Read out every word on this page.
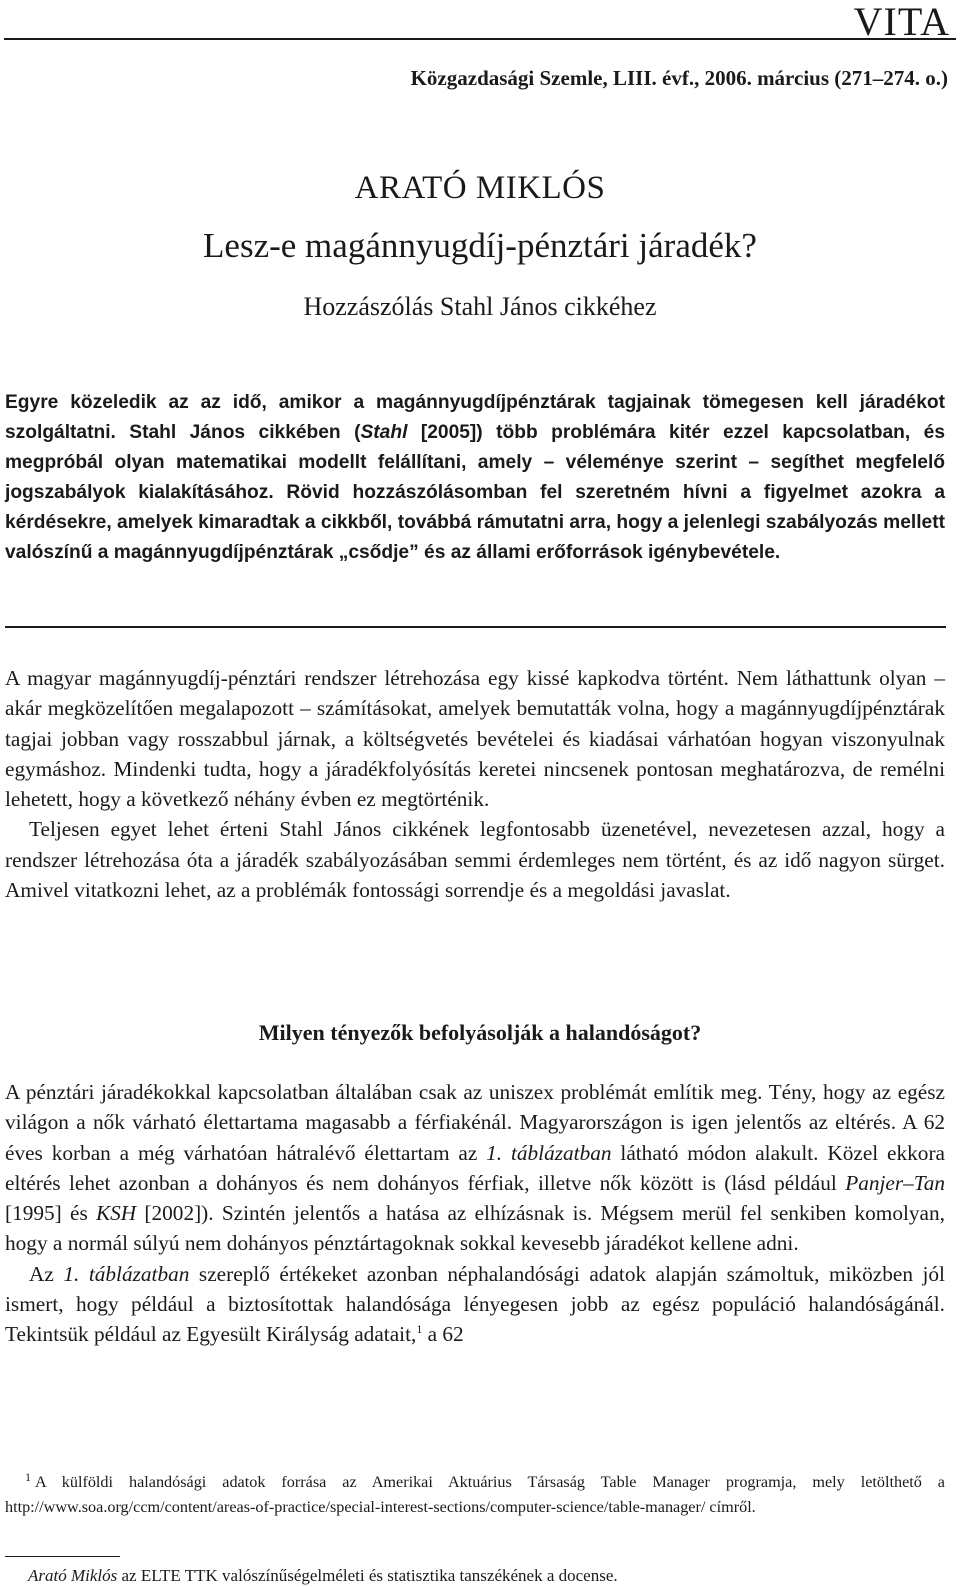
VITA
Közgazdasági Szemle, LIII. évf., 2006. március (271–274. o.)
ARATÓ MIKLÓS
Lesz-e magánnyugdíj-pénztári járadék?
Hozzászólás Stahl János cikkéhez
Egyre közeledik az az idő, amikor a magánnyugdíjpénztárak tagjainak tömegesen kell járadékot szolgáltatni. Stahl János cikkében (Stahl [2005]) több problémára kitér ezzel kapcsolatban, és megpróbál olyan matematikai modellt felállítani, amely – véleménye szerint – segíthet megfelelő jogszabályok kialakításához. Rövid hozzászólásomban fel szeretném hívni a figyelmet azokra a kérdésekre, amelyek kimaradtak a cikkből, továbbá rámutatni arra, hogy a jelenlegi szabályozás mellett valószínű a magánnyugdíjpénztárak „csődje” és az állami erőforrások igénybevétele.

A magyar magánnyugdíj-pénztári rendszer létrehozása egy kissé kapkodva történt. Nem láthattunk olyan – akár megközelítően megalapozott – számításokat, amelyek bemutatták volna, hogy a magánnyugdíjpénztárak tagjai jobban vagy rosszabbul járnak, a költségvetés bevételei és kiadásai várhatóan hogyan viszonyulnak egymáshoz. Mindenki tudta, hogy a járadékfolyósítás keretei nincsenek pontosan meghatározva, de remélni lehetett, hogy a következő néhány évben ez megtörténik.

Teljesen egyet lehet érteni Stahl János cikkének legfontosabb üzenetével, nevezetesen azzal, hogy a rendszer létrehozása óta a járadék szabályozásában semmi érdemleges nem történt, és az idő nagyon sürget. Amivel vitatkozni lehet, az a problémák fontossági sorrendje és a megoldási javaslat.

Milyen tényezők befolyásolják a halandóságot?

A pénztári járadékokkal kapcsolatban általában csak az uniszex problémát említik meg. Tény, hogy az egész világon a nők várható élettartama magasabb a férfiakénál. Magyarországon is igen jelentős az eltérés. A 62 éves korban a még várhatóan hátralévő élettartam az 1. táblázatban látható módon alakult. Közel ekkora eltérés lehet azonban a dohányos és nem dohányos férfiak, illetve nők között is (lásd például Panjer–Tan [1995] és KSH [2002]). Szintén jelentős a hatása az elhízásnak is. Mégsem merül fel senkiben komolyan, hogy a normál súlyú nem dohányos pénztártagoknak sokkal kevesebb járadékot kellene adni.

Az 1. táblázatban szereplő értékeket azonban néphalandósági adatok alapján számoltuk, miközben jól ismert, hogy például a biztosítottak halandósága lényegesen jobb az egész populáció halandóságánál. Tekintsük például az Egyesült Királyság adatait,$^1$ a 62

$^1$ A külföldi halandósági adatok forrása az Amerikai Aktuárius Társaság Table Manager programja, mely letölthető a http://www.soa.org/ccm/content/areas-of-practice/special-interest-sections/computer-science/table-manager/ címről.
Arató Miklós az ELTE TTK valószínűségelméleti és statisztika tanszékének a docense.
